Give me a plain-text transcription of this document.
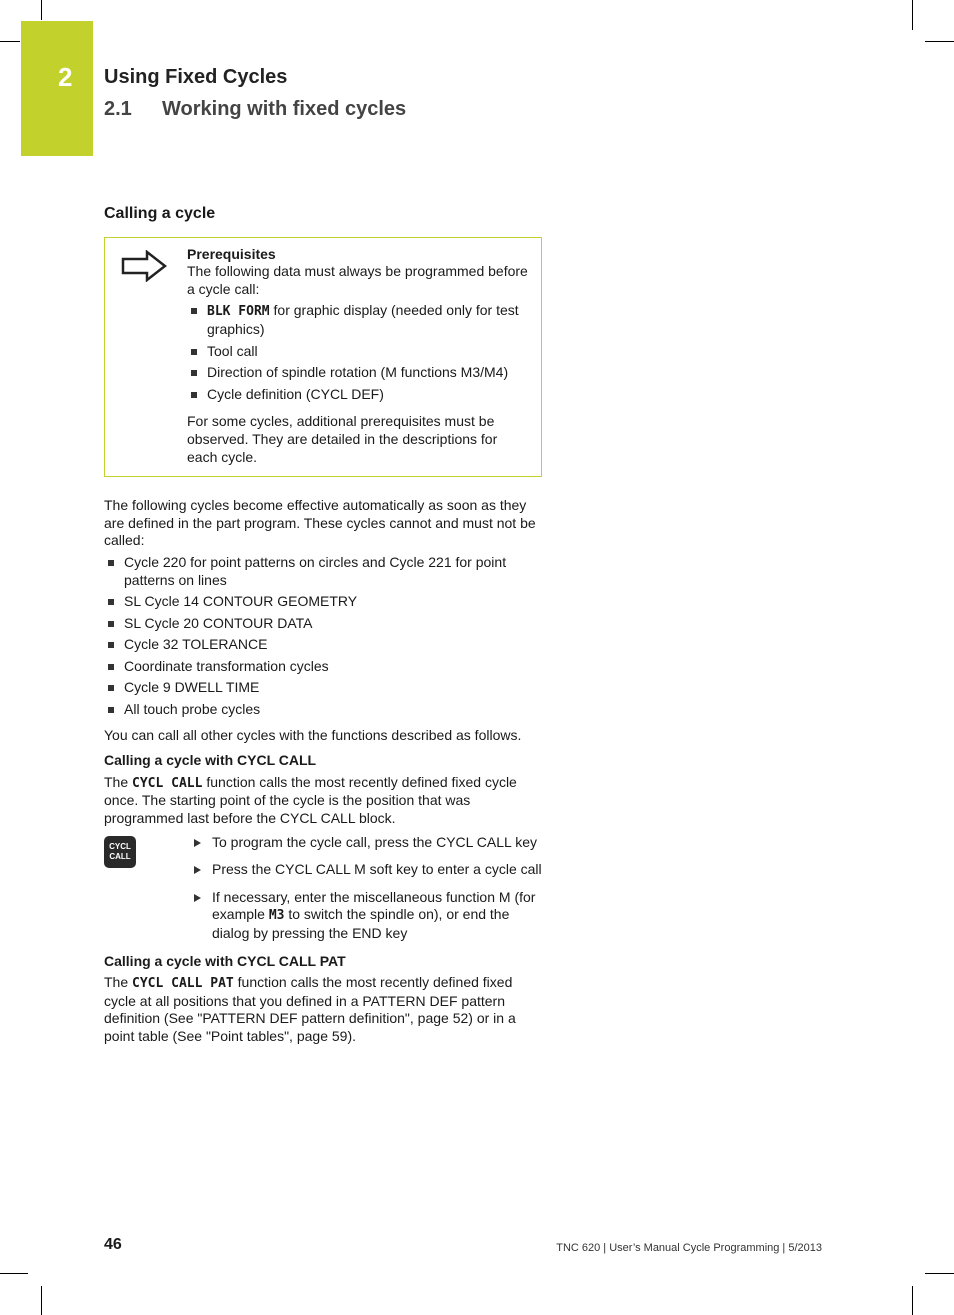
2 Using Fixed Cycles
2.1 Working with fixed cycles
Calling a cycle
Prerequisites

The following data must always be programmed before a cycle call:

BLK FORM for graphic display (needed only for test graphics)
Tool call
Direction of spindle rotation (M functions M3/M4)
Cycle definition (CYCL DEF)

For some cycles, additional prerequisites must be observed. They are detailed in the descriptions for each cycle.

The following cycles become effective automatically as soon as they are defined in the part program. These cycles cannot and must not be called:

Cycle 220 for point patterns on circles and Cycle 221 for point patterns on lines
SL Cycle 14 CONTOUR GEOMETRY
SL Cycle 20 CONTOUR DATA
Cycle 32 TOLERANCE
Coordinate transformation cycles
Cycle 9 DWELL TIME
All touch probe cycles

You can call all other cycles with the functions described as follows.

Calling a cycle with CYCL CALL

The CYCL CALL function calls the most recently defined fixed cycle once. The starting point of the cycle is the position that was programmed last before the CYCL CALL block.

CYCL
CALL
To program the cycle call, press the CYCL CALL key
Press the CYCL CALL M soft key to enter a cycle call
If necessary, enter the miscellaneous function M (for example M3 to switch the spindle on), or end the dialog by pressing the END key
Calling a cycle with CYCL CALL PAT

The CYCL CALL PAT function calls the most recently defined fixed cycle at all positions that you defined in a PATTERN DEF pattern definition (See "PATTERN DEF pattern definition", page 52) or in a point table (See "Point tables", page 59).

46	TNC 620 | User’s Manual Cycle Programming | 5/2013
